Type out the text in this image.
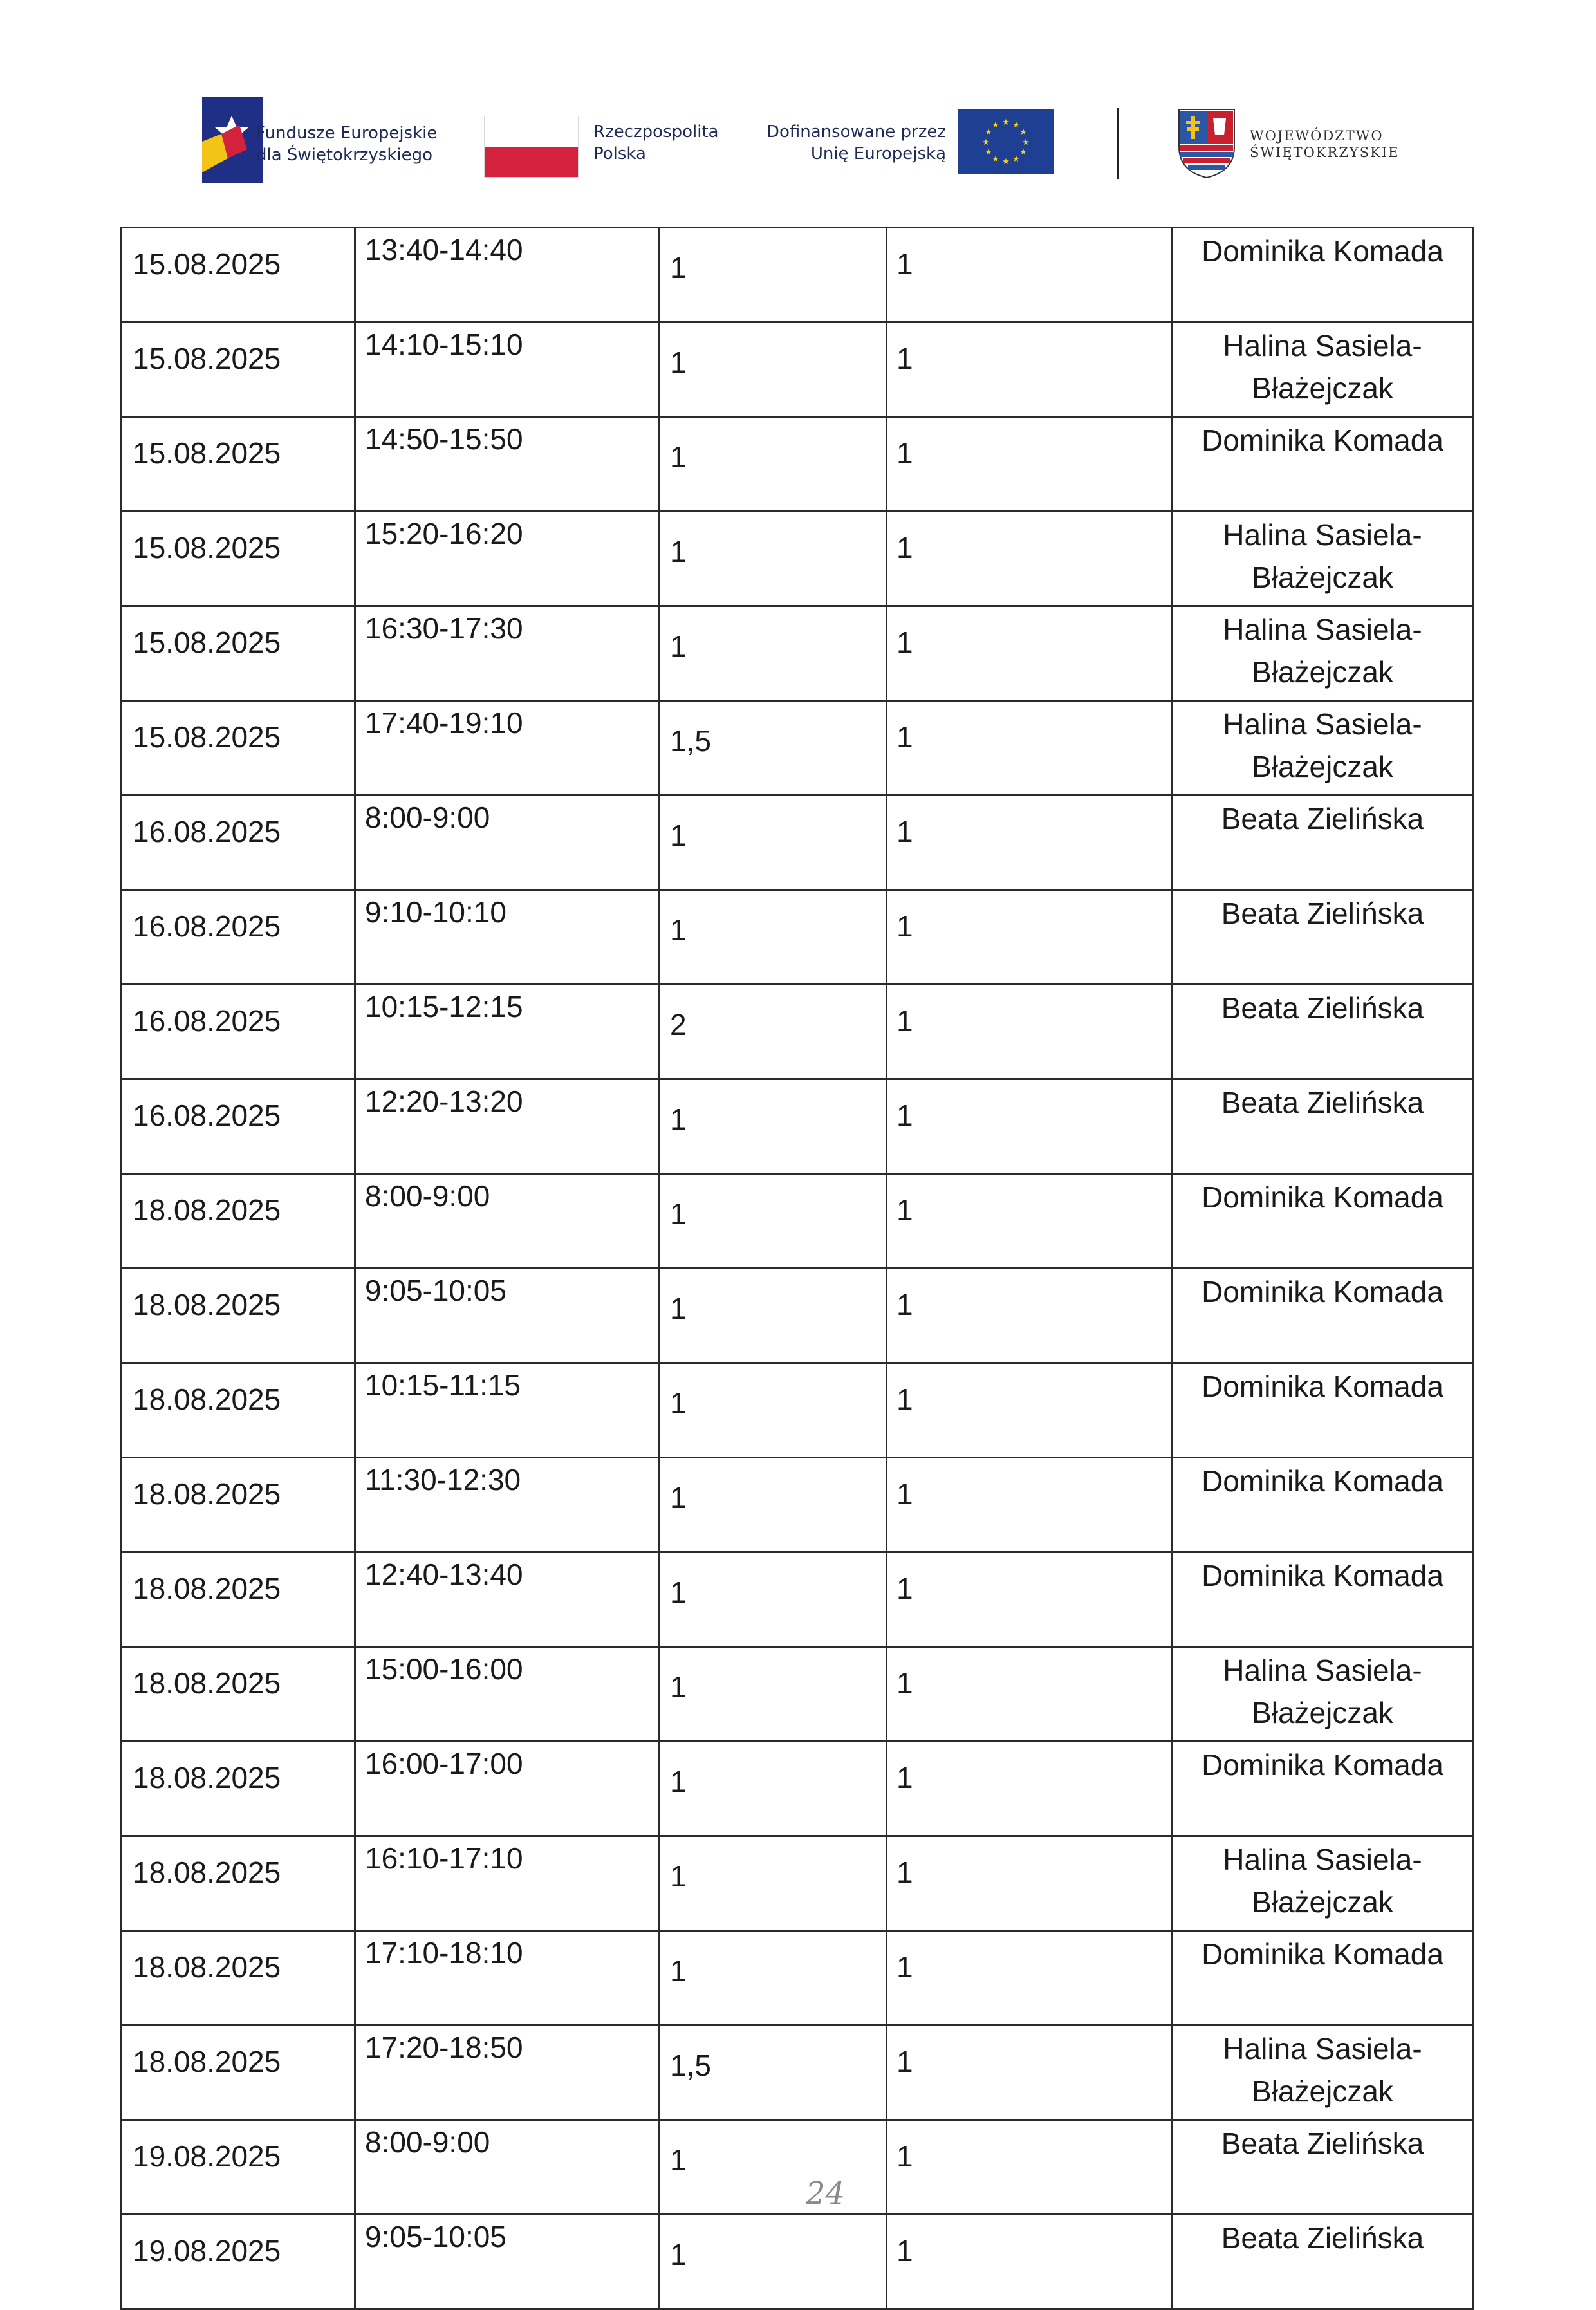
Fundusze Europejskie
dla Świętokrzyskiego
Rzeczpospolita
Polska
Dofinansowane przez
Unię Europejską
★ ★
★
★
★
★
★
★
★
★
★
★
WOJEWÓDZTWO
ŚWIĘTOKRZYSKIE
15.08.2025	13:40-14:40	1	1	Dominika Komada
15.08.2025	14:10-15:10	1	1	Halina Sasiela-Błażejczak
15.08.2025	14:50-15:50	1	1	Dominika Komada
15.08.2025	15:20-16:20	1	1	Halina Sasiela-Błażejczak
15.08.2025	16:30-17:30	1	1	Halina Sasiela-Błażejczak
15.08.2025	17:40-19:10	1,5	1	Halina Sasiela-Błażejczak
16.08.2025	8:00-9:00	1	1	Beata Zielińska
16.08.2025	9:10-10:10	1	1	Beata Zielińska
16.08.2025	10:15-12:15	2	1	Beata Zielińska
16.08.2025	12:20-13:20	1	1	Beata Zielińska
18.08.2025	8:00-9:00	1	1	Dominika Komada
18.08.2025	9:05-10:05	1	1	Dominika Komada
18.08.2025	10:15-11:15	1	1	Dominika Komada
18.08.2025	11:30-12:30	1	1	Dominika Komada
18.08.2025	12:40-13:40	1	1	Dominika Komada
18.08.2025	15:00-16:00	1	1	Halina Sasiela-Błażejczak
18.08.2025	16:00-17:00	1	1	Dominika Komada
18.08.2025	16:10-17:10	1	1	Halina Sasiela-Błażejczak
18.08.2025	17:10-18:10	1	1	Dominika Komada
18.08.2025	17:20-18:50	1,5	1	Halina Sasiela-Błażejczak
19.08.2025	8:00-9:00	1	1	Beata Zielińska
19.08.2025	9:05-10:05	1	1	Beata Zielińska
24
